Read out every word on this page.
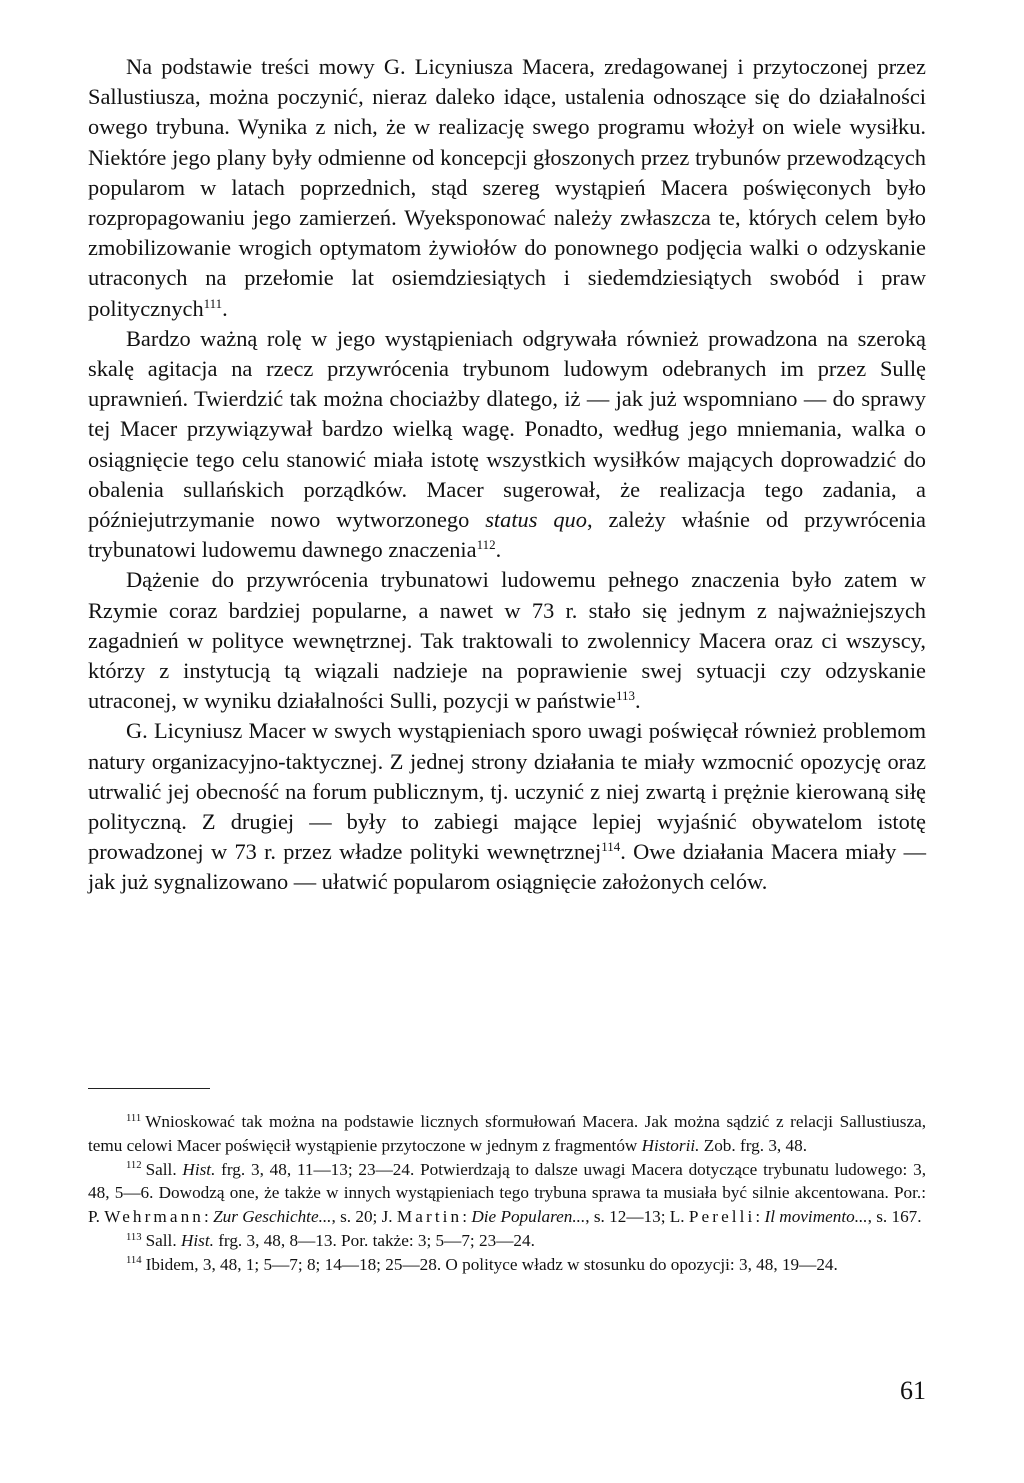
Na podstawie treści mowy G. Licyniusza Macera, zredagowanej i przytoczonej przez Sallustiusza, można poczynić, nieraz daleko idące, ustalenia odnoszące się do działalności owego trybuna. Wynika z nich, że w realizację swego programu włożył on wiele wysiłku. Niektóre jego plany były odmienne od koncepcji głoszonych przez trybunów przewodzących popularom w latach poprzednich, stąd szereg wystąpień Macera poświęconych było rozpropagowaniu jego zamierzeń. Wyeksponować należy zwłaszcza te, których celem było zmobilizowanie wrogich optymatom żywiołów do ponownego podjęcia walki o odzyskanie utraconych na przełomie lat osiemdziesiątych i siedemdziesiątych swobód i praw politycznych$^{111}$.

Bardzo ważną rolę w jego wystąpieniach odgrywała również prowadzona na szeroką skalę agitacja na rzecz przywrócenia trybunom ludowym odebranych im przez Sullę uprawnień. Twierdzić tak można chociażby dlatego, iż — jak już wspomniano — do sprawy tej Macer przywiązywał bardzo wielką wagę. Ponadto, według jego mniemania, walka o osiągnięcie tego celu stanowić miała istotę wszystkich wysiłków mających doprowadzić do obalenia sullańskich porządków. Macer sugerował, że realizacja tego zadania, a późniejutrzymanie nowo wytworzonego status quo, zależy właśnie od przywrócenia trybunatowi ludowemu dawnego znaczenia$^{112}$.

Dążenie do przywrócenia trybunatowi ludowemu pełnego znaczenia było zatem w Rzymie coraz bardziej popularne, a nawet w 73 r. stało się jednym z najważniejszych zagadnień w polityce wewnętrznej. Tak traktowali to zwolennicy Macera oraz ci wszyscy, którzy z instytucją tą wiązali nadzieje na poprawienie swej sytuacji czy odzyskanie utraconej, w wyniku działalności Sulli, pozycji w państwie$^{113}$.

G. Licyniusz Macer w swych wystąpieniach sporo uwagi poświęcał również problemom natury organizacyjno-taktycznej. Z jednej strony działania te miały wzmocnić opozycję oraz utrwalić jej obecność na forum publicznym, tj. uczynić z niej zwartą i prężnie kierowaną siłę polityczną. Z drugiej — były to zabiegi mające lepiej wyjaśnić obywatelom istotę prowadzonej w 73 r. przez władze polityki wewnętrznej$^{114}$. Owe działania Macera miały — jak już sygnalizowano — ułatwić popularom osiągnięcie założonych celów.

$^{111}$ Wnioskować tak można na podstawie licznych sformułowań Macera. Jak można sądzić z relacji Sallustiusza, temu celowi Macer poświęcił wystąpienie przytoczone w jednym z fragmentów Historii. Zob. frg. 3, 48.

$^{112}$ Sall. Hist. frg. 3, 48, 11—13; 23—24. Potwierdzają to dalsze uwagi Macera dotyczące trybunatu ludowego: 3, 48, 5—6. Dowodzą one, że także w innych wystąpieniach tego trybuna sprawa ta musiała być silnie akcentowana. Por.: P. Wehrmann: Zur Geschichte..., s. 20; J. Martin: Die Popularen..., s. 12—13; L. Perelli: Il movimento..., s. 167.

$^{113}$ Sall. Hist. frg. 3, 48, 8—13. Por. także: 3; 5—7; 23—24.

$^{114}$ Ibidem, 3, 48, 1; 5—7; 8; 14—18; 25—28. O polityce władz w stosunku do opozycji: 3, 48, 19—24.

61
